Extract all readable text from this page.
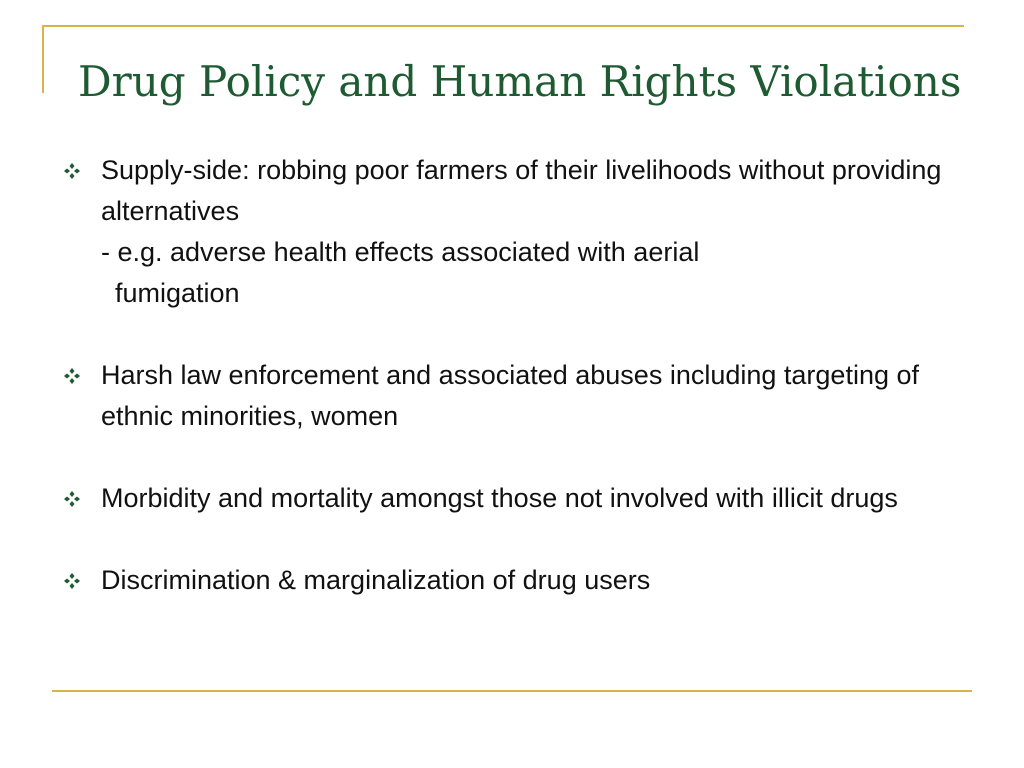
Drug Policy and Human Rights Violations
Supply-side: robbing poor farmers of their livelihoods without providing alternatives
- e.g. adverse health effects associated with aerial
fumigation
Harsh law enforcement and associated abuses including targeting of ethnic minorities, women
Morbidity and mortality amongst those not involved with illicit drugs
Discrimination & marginalization of drug users
